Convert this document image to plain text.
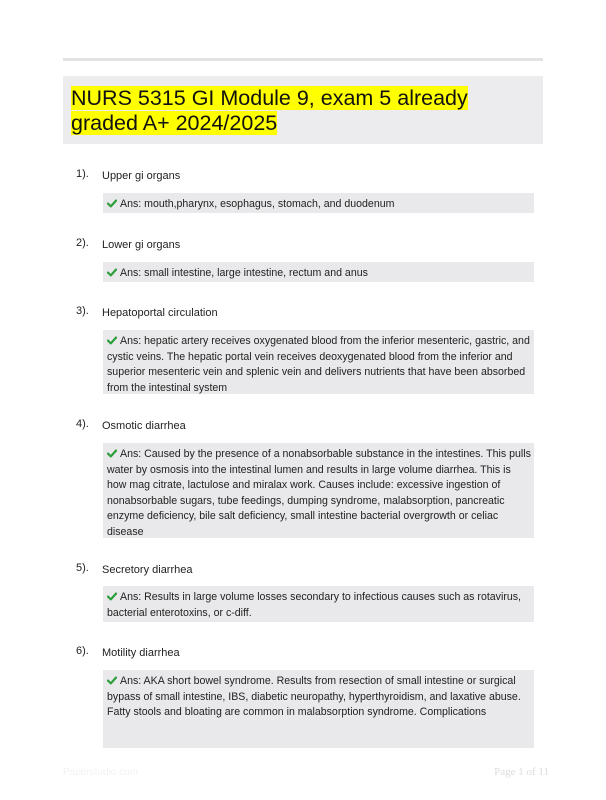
NURS 5315 GI Module 9, exam 5 already graded A+ 2024/2025
1). Upper gi organs
Ans: mouth,pharynx, esophagus, stomach, and duodenum
2). Lower gi organs
Ans: small intestine, large intestine, rectum and anus
3). Hepatoportal circulation
Ans: hepatic artery receives oxygenated blood from the inferior mesenteric, gastric, and cystic veins. The hepatic portal vein receives deoxygenated blood from the inferior and superior mesenteric vein and splenic vein and delivers nutrients that have been absorbed from the intestinal system
4). Osmotic diarrhea
Ans: Caused by the presence of a nonabsorbable substance in the intestines. This pulls water by osmosis into the intestinal lumen and results in large volume diarrhea. This is how mag citrate, lactulose and miralax work. Causes include: excessive ingestion of nonabsorbable sugars, tube feedings, dumping syndrome, malabsorption, pancreatic enzyme deficiency, bile salt deficiency, small intestine bacterial overgrowth or celiac disease
5). Secretory diarrhea
Ans: Results in large volume losses secondary to infectious causes such as rotavirus, bacterial enterotoxins, or c-diff.
6). Motility diarrhea
Ans: AKA short bowel syndrome. Results from resection of small intestine or surgical bypass of small intestine, IBS, diabetic neuropathy, hyperthyroidism, and laxative abuse. Fatty stools and bloating are common in malabsorption syndrome. Complications
Paperstudio.com	Page 1 of 11
